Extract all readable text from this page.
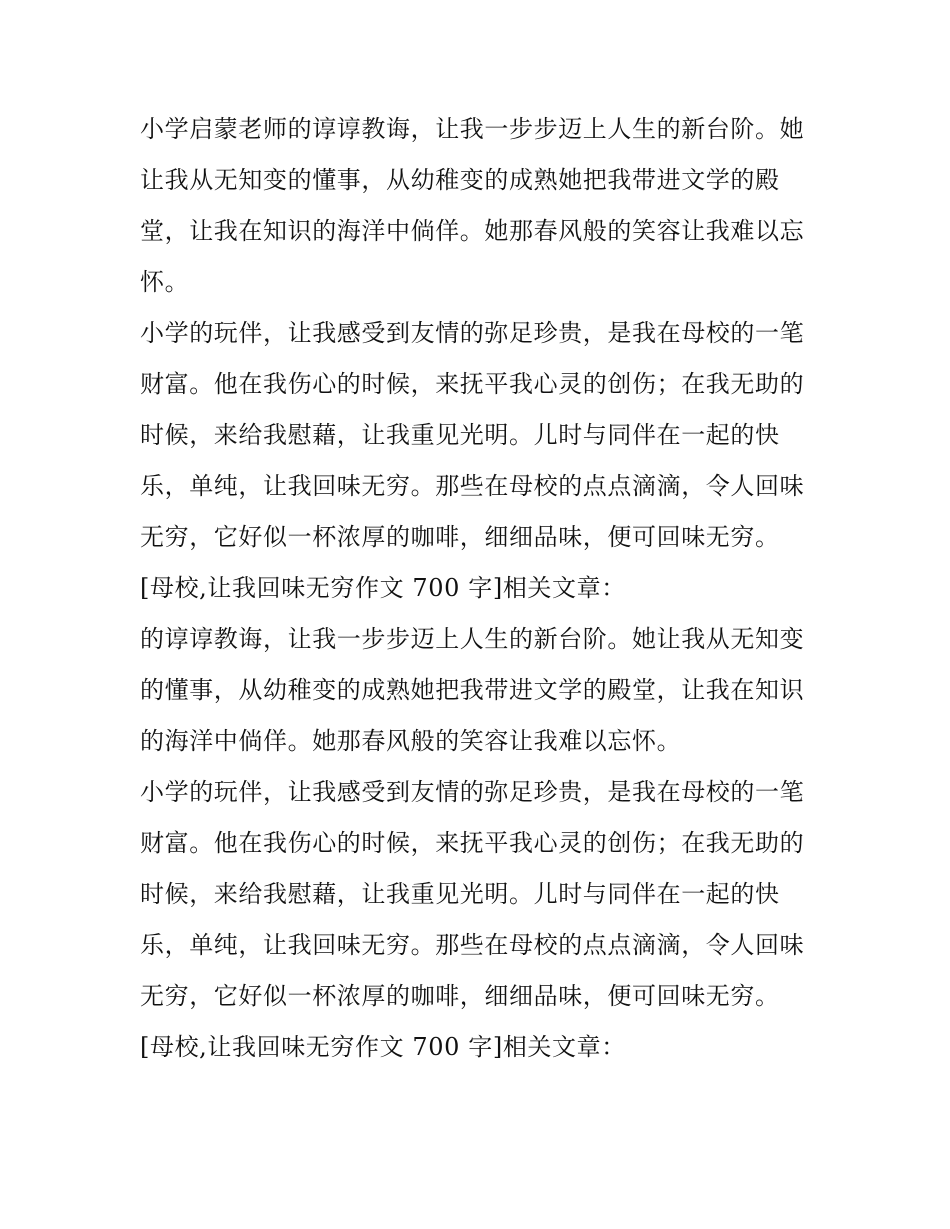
小学启蒙老师的谆谆教诲，让我一步步迈上人生的新台阶。她
让我从无知变的懂事，从幼稚变的成熟她把我带进文学的殿
堂，让我在知识的海洋中倘佯。她那春风般的笑容让我难以忘
怀。

小学的玩伴，让我感受到友情的弥足珍贵，是我在母校的一笔
财富。他在我伤心的时候，来抚平我心灵的创伤；在我无助的
时候，来给我慰藉，让我重见光明。儿时与同伴在一起的快
乐，单纯，让我回味无穷。那些在母校的点点滴滴，令人回味
无穷，它好似一杯浓厚的咖啡，细细品味，便可回味无穷。

[母校,让我回味无穷作文 700 字]相关文章：

的谆谆教诲，让我一步步迈上人生的新台阶。她让我从无知变
的懂事，从幼稚变的成熟她把我带进文学的殿堂，让我在知识
的海洋中倘佯。她那春风般的笑容让我难以忘怀。

小学的玩伴，让我感受到友情的弥足珍贵，是我在母校的一笔
财富。他在我伤心的时候，来抚平我心灵的创伤；在我无助的
时候，来给我慰藉，让我重见光明。儿时与同伴在一起的快
乐，单纯，让我回味无穷。那些在母校的点点滴滴，令人回味
无穷，它好似一杯浓厚的咖啡，细细品味，便可回味无穷。

[母校,让我回味无穷作文 700 字]相关文章：
